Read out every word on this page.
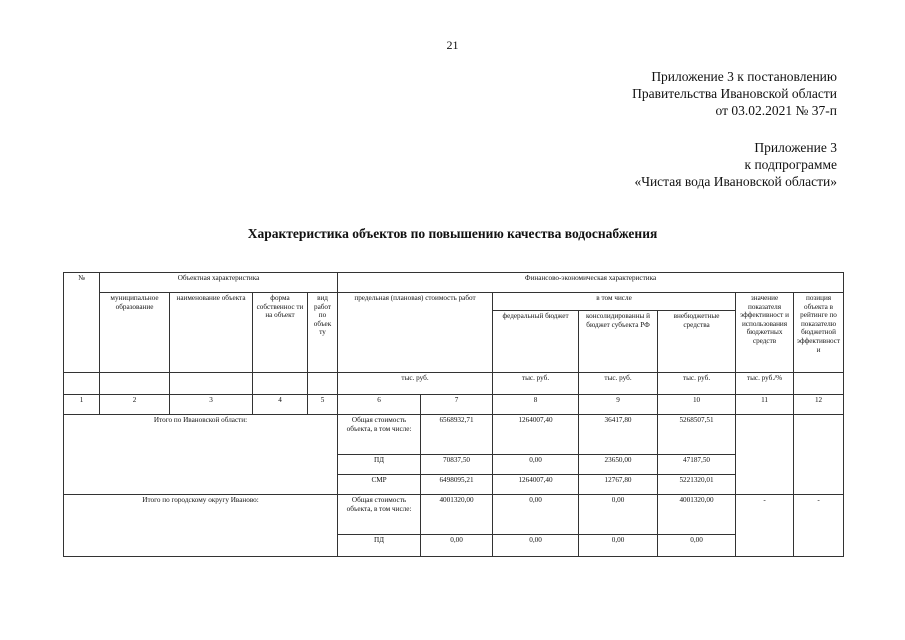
21
Приложение 3 к постановлению
Правительства Ивановской области
от 03.02.2021 № 37-п
Приложение 3
к подпрограмме
«Чистая вода Ивановской области»
Характеристика объектов по повышению качества водоснабжения
№	Объектная характеристика				Финансово-экономическая характеристика						
	муниципальное образование	наименование объекта	форма собственнос ти на объект	вид работ по объек ту	предельная (плановая) стоимость работ		в том числе			значение показателя эффективност и использования бюджетных средств	позиция объекта в рейтинге по показателю бюджетной эффективности
							федеральный бюджет	консолидированны й бюджет субъекта РФ	внебюджетные средства		
					тыс. руб.		тыс. руб.	тыс. руб.	тыс. руб.	тыс. руб./%	
1	2	3	4	5	6	7	8	9	10	11	12
Итого по Ивановской области:					Общая стоимость объекта, в том числе:	6568932,71	1264007,40	36417,80	5268507,51		
					ПД	70837,50	0,00	23650,00	47187,50		
					СМР	6498095,21	1264007,40	12767,80	5221320,01		
Итого по городскому округу Иваново:					Общая стоимость объекта, в том числе:	4001320,00	0,00	0,00	4001320,00	-	-
					ПД	0,00	0,00	0,00	0,00		
